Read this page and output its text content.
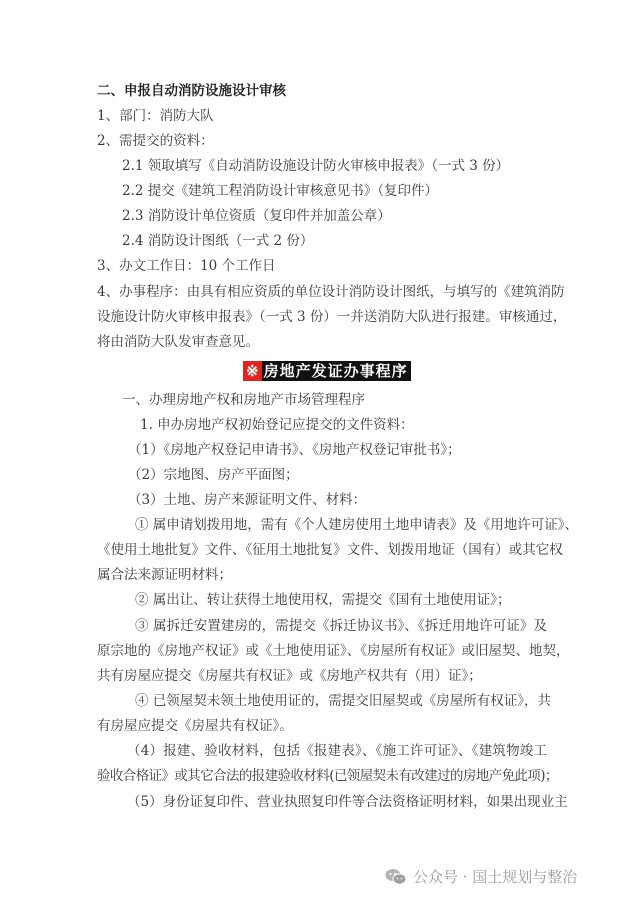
二、申报自动消防设施设计审核
1、部门：消防大队
2、需提交的资料：
2.1 领取填写《自动消防设施设计防火审核申报表》（一式 3 份）
2.2 提交《建筑工程消防设计审核意见书》（复印件）
2.3 消防设计单位资质（复印件并加盖公章）
2.4 消防设计图纸（一式 2 份）
3、办文工作日：10 个工作日
4、办事程序：由具有相应资质的单位设计消防设计图纸，与填写的《建筑消防
设施设计防火审核申报表》（一式 3 份）一并送消防大队进行报建。审核通过，
将由消防大队发审查意见。
※ 房地产发证办事程序
一、办理房地产权和房地产市场管理程序
1. 申办房地产权初始登记应提交的文件资料：
（1）《房地产权登记申请书》、《房地产权登记审批书》；
（2）宗地图、房产平面图；
（3）土地、房产来源证明文件、材料：
① 属申请划拨用地，需有《个人建房使用土地申请表》及《用地许可证》、
《使用土地批复》文件、《征用土地批复》文件、划拨用地证（国有）或其它权
属合法来源证明材料；
② 属出让、转让获得土地使用权，需提交《国有土地使用证》；
③ 属拆迁安置建房的，需提交《拆迁协议书》、《拆迁用地许可证》及
原宗地的《房地产权证》或《土地使用证》、《房屋所有权证》或旧屋契、地契，
共有房屋应提交《房屋共有权证》或《房地产权共有（用）证》；
④ 已领屋契未领土地使用证的，需提交旧屋契或《房屋所有权证》，共
有房屋应提交《房屋共有权证》。
（4）报建、验收材料，包括《报建表》、《施工许可证》、《建筑物竣工
验收合格证》或其它合法的报建验收材料(已领屋契未有改建过的房地产免此项)；
（5）身份证复印件、营业执照复印件等合法资格证明材料，如果出现业主
公众号 · 国土规划与整治
